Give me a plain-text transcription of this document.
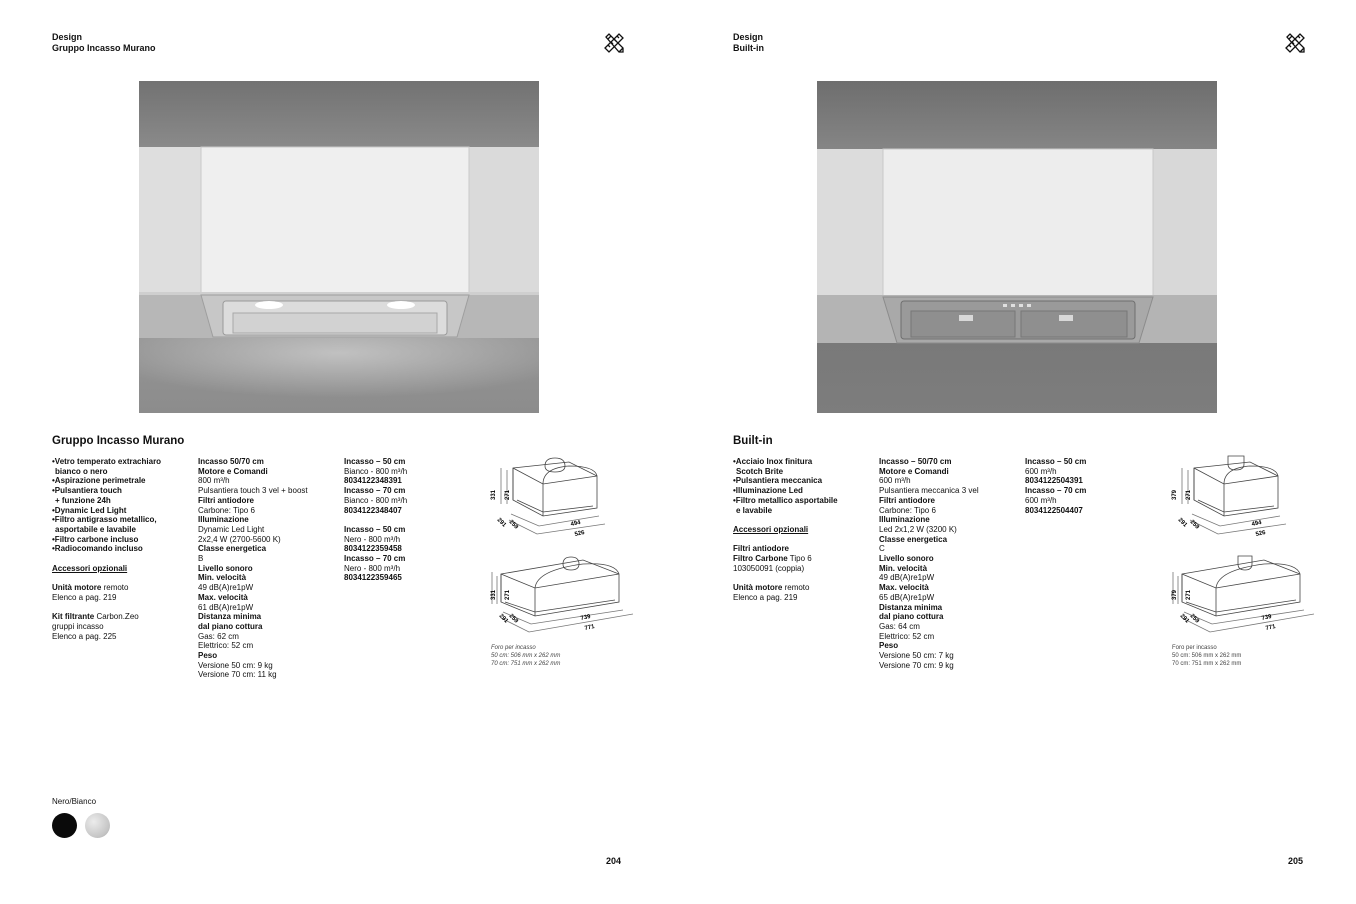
Design
Gruppo Incasso Murano
Gruppo Incasso Murano
•Vetro temperato extrachiaro
bianco o nero
•Aspirazione perimetrale
•Pulsantiera touch
+ funzione 24h
•Dynamic Led Light
•Filtro antigrasso metallico,
asportabile e lavabile
•Filtro carbone incluso
•Radiocomando incluso
Accessori opzionali
Unità motore remoto
Elenco a pag. 219
Kit filtrante Carbon.Zeo
gruppi incasso
Elenco a pag. 225
Incasso 50/70 cm
Motore e Comandi
800 m³/h
Pulsantiera touch 3 vel + boost
Filtri antiodore
Carbone: Tipo 6
Illuminazione
Dynamic Led Light
2x2,4 W (2700-5600 K)
Classe energetica
B
Livello sonoro
Min. velocità
49 dB(A)re1pW
Max. velocità
61 dB(A)re1pW
Distanza minima
dal piano cottura
Gas: 62 cm
Elettrico: 52 cm
Peso
Versione 50 cm: 9 kg
Versione 70 cm: 11 kg
Incasso – 50 cm
Bianco - 800 m³/h
8034122348391
Incasso – 70 cm
Bianco - 800 m³/h
8034122348407
Incasso – 50 cm
Nero - 800 m³/h
8034122359458
Incasso – 70 cm
Nero - 800 m³/h
8034122359465
331 271
259
291	494
526
331 271
259
291	739
771
Foro per incasso
50 cm: 506 mm x 262 mm
70 cm: 751 mm x 262 mm
Nero/Bianco
204
Design
Built-in
Built-in
•Acciaio Inox finitura
Scotch Brite
•Pulsantiera meccanica
•Illuminazione Led
•Filtro metallico asportabile
e lavabile
Accessori opzionali
Filtri antiodore
Filtro Carbone Tipo 6
103050091 (coppia)
Unità motore remoto
Elenco a pag. 219
Incasso – 50/70 cm
Motore e Comandi
600 m³/h
Pulsantiera meccanica 3 vel
Filtri antiodore
Carbone: Tipo 6
Illuminazione
Led 2x1,2 W (3200 K)
Classe energetica
C
Livello sonoro
Min. velocità
49 dB(A)re1pW
Max. velocità
65 dB(A)re1pW
Distanza minima
dal piano cottura
Gas: 64 cm
Elettrico: 52 cm
Peso
Versione 50 cm: 7 kg
Versione 70 cm: 9 kg
Incasso – 50 cm
600 m³/h
8034122504391
Incasso – 70 cm
600 m³/h
8034122504407
379 271
259
291	494
526
379 271
259
291	739
771
Foro per incasso
50 cm: 506 mm x 262 mm
70 cm: 751 mm x 262 mm
205
